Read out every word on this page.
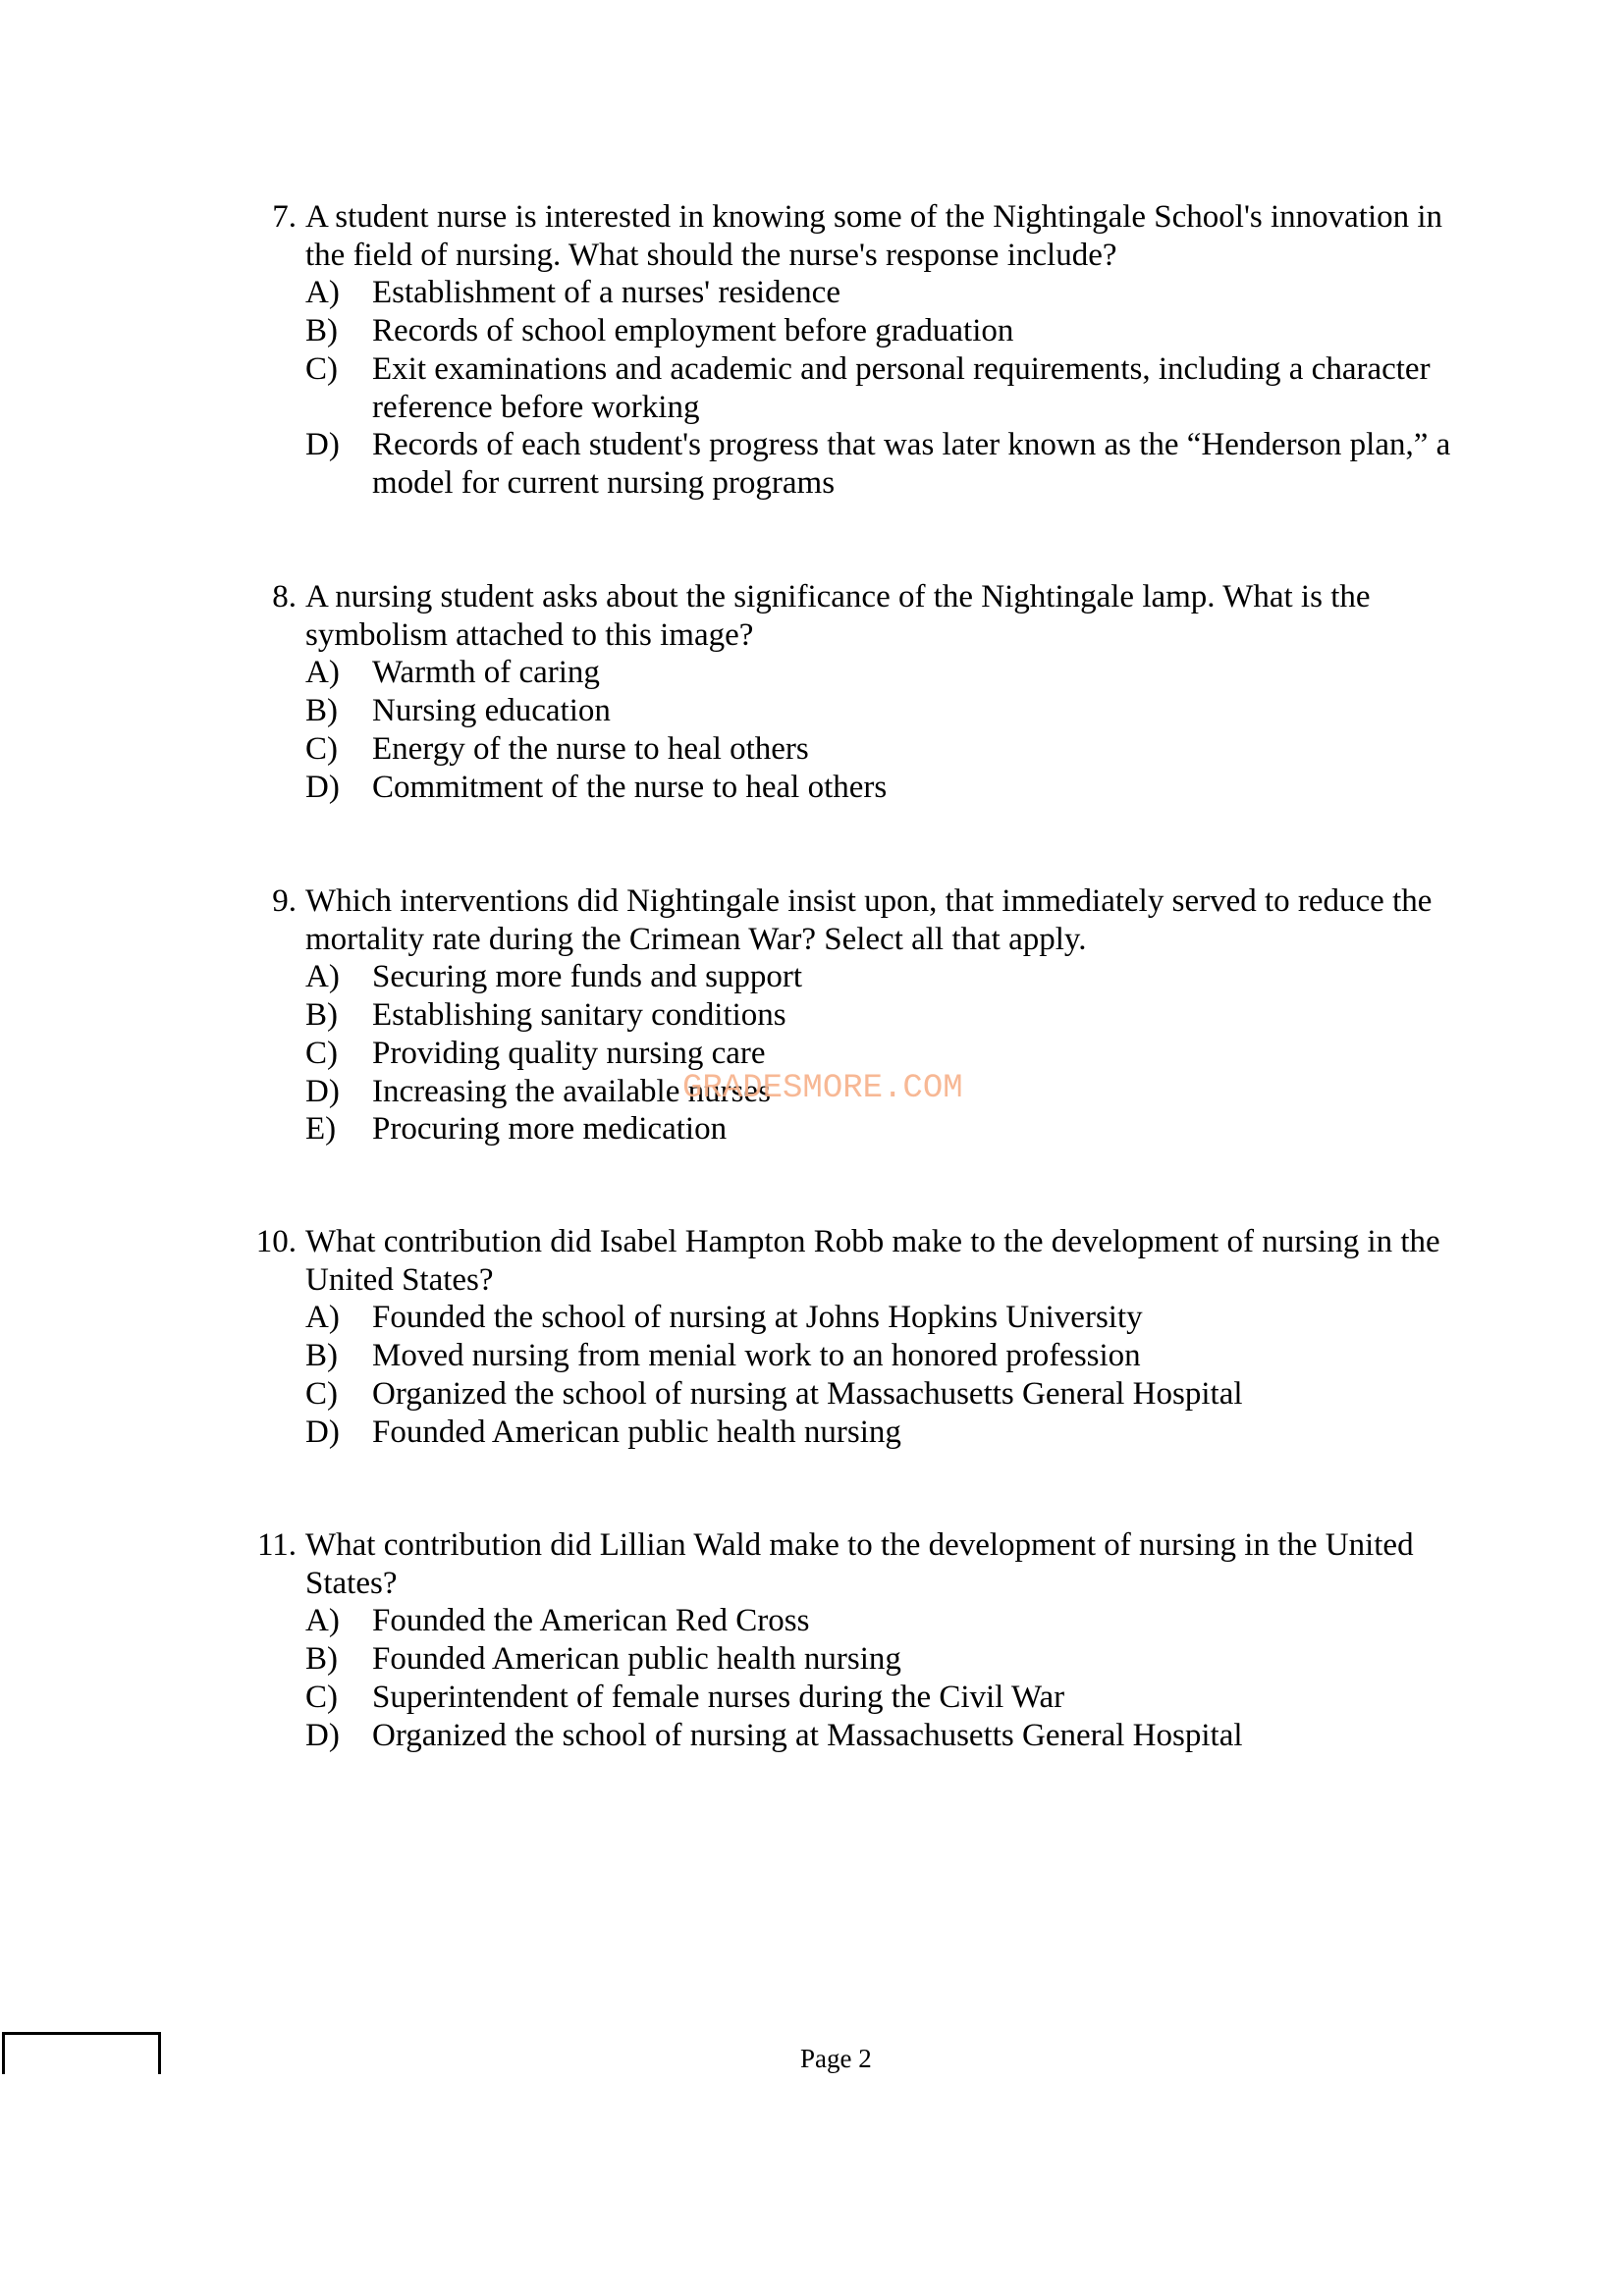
7. A student nurse is interested in knowing some of the Nightingale School's innovation in the field of nursing. What should the nurse's response include?
A) Establishment of a nurses' residence
B) Records of school employment before graduation
C) Exit examinations and academic and personal requirements, including a character reference before working
D) Records of each student's progress that was later known as the “Henderson plan,” a model for current nursing programs
8. A nursing student asks about the significance of the Nightingale lamp. What is the symbolism attached to this image?
A) Warmth of caring
B) Nursing education
C) Energy of the nurse to heal others
D) Commitment of the nurse to heal others
9. Which interventions did Nightingale insist upon, that immediately served to reduce the mortality rate during the Crimean War? Select all that apply.
A) Securing more funds and support
B) Establishing sanitary conditions
C) Providing quality nursing care
D) Increasing the available nurses
E) Procuring more medication
10. What contribution did Isabel Hampton Robb make to the development of nursing in the United States?
A) Founded the school of nursing at Johns Hopkins University
B) Moved nursing from menial work to an honored profession
C) Organized the school of nursing at Massachusetts General Hospital
D) Founded American public health nursing
11. What contribution did Lillian Wald make to the development of nursing in the United States?
A) Founded the American Red Cross
B) Founded American public health nursing
C) Superintendent of female nurses during the Civil War
D) Organized the school of nursing at Massachusetts General Hospital
GRADESMORE.COM
Page 2
